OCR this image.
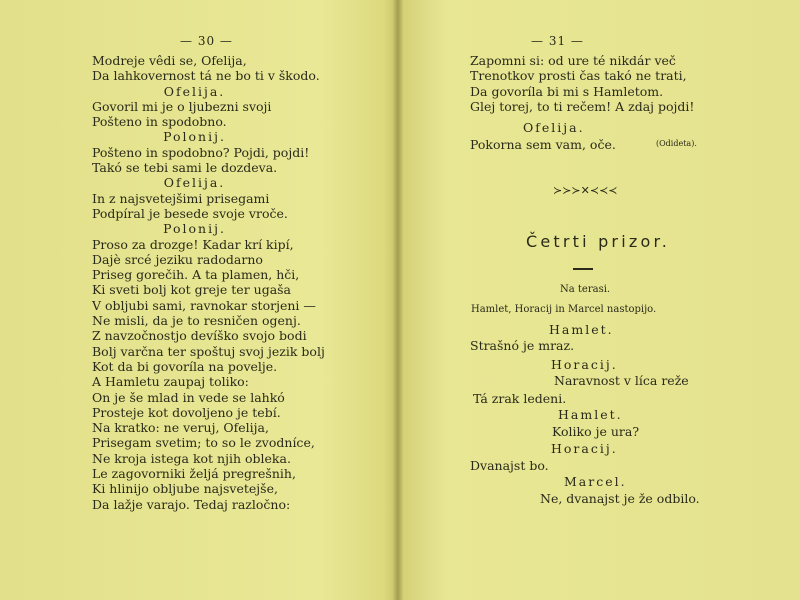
— 30 —
Modreje vêdi se, Ofelija,
Da lahkovernost tá ne bo ti v škodo.
Ofelija.
Govoril mi je o ljubezni svoji
Pošteno in spodobno.
Polonij.
Pošteno in spodobno? Pojdi, pojdi!
Takó se tebi sami le dozdeva.
Ofelija.
In z najsvetejšimi prisegami
Podpíral je besede svoje vroče.
Polonij.
Proso za drozge! Kadar krí kipí,
Dajè srcé jeziku radodarno
Priseg gorečih. A ta plamen, hči,
Ki sveti bolj kot greje ter ugaša
V obljubi sami, ravnokar storjeni —
Ne misli, da je to resničen ogenj.
Z navzočnostjo devíško svojo bodi
Bolj varčna ter spoštuj svoj jezik bolj
Kot da bi govoríla na povelje.
A Hamletu zaupaj toliko:
On je še mlad in vede se lahkó
Prosteje kot dovoljeno je tebí.
Na kratko: ne veruj, Ofelija,
Prisegam svetim; to so le zvodníce,
Ne kroja istega kot njih obleka.
Le zagovorniki željá pregrešnih,
Ki hlinijo obljube najsvetejše,
Da lažje varajo. Tedaj razločno:
— 31 —
Zapomni si: od ure té nikdár več
Trenotkov prosti čas takó ne trati,
Da govoríla bi mi s Hamletom.
Glej torej, to ti rečem! A zdaj pojdi!
Ofelija.
Pokorna sem vam, oče.	(Odideta).
≻≻≻✕≺≺≺
Četrti prizor.
Na terasi.
Hamlet, Horacij in Marcel nastopijo.
Hamlet.
Strašnó je mraz.
Horacij.
Naravnost v líca reže
Tá zrak ledeni.
Hamlet.
Koliko je ura?
Horacij.
Dvanajst bo.
Marcel.
Ne, dvanajst je že odbilo.
